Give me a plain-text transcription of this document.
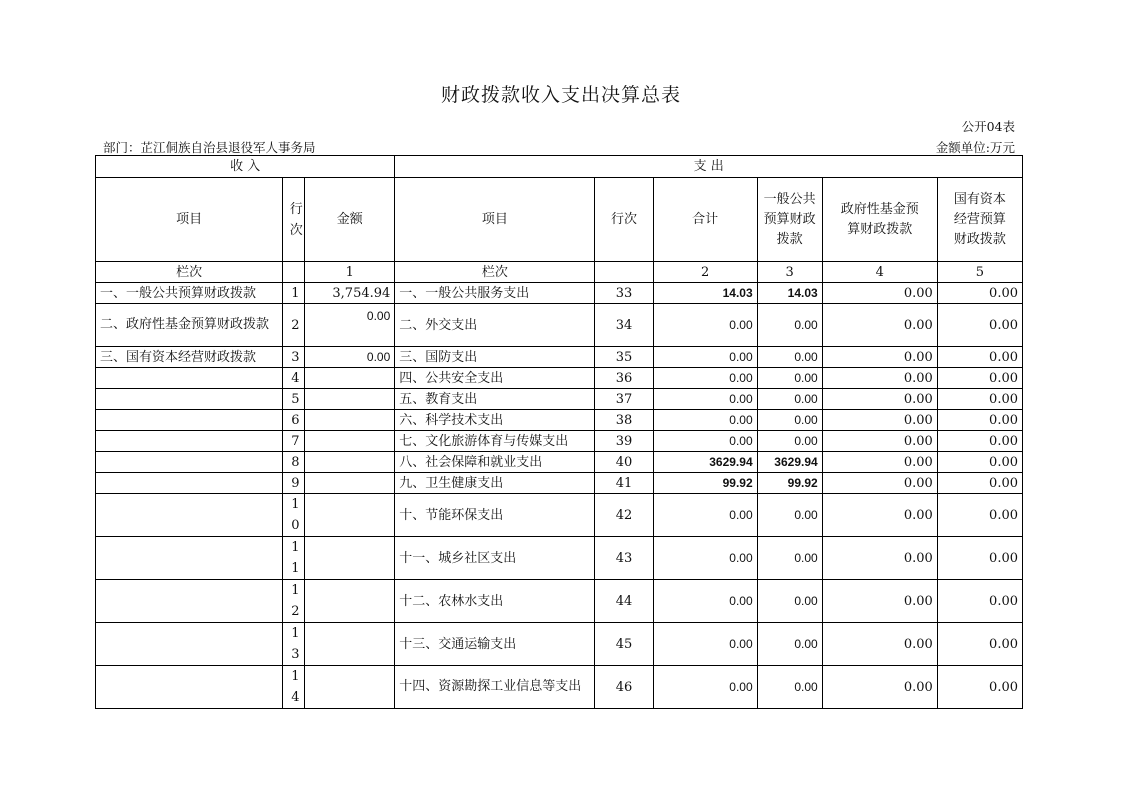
财政拨款收入支出决算总表
公开04表
部门：芷江侗族自治县退役军人事务局	金额单位:万元
收 入			支 出					
项目	行次	金额	项目	行次	合计	一般公共预算财政拨款	政府性基金预算财政拨款	国有资本经营预算财政拨款
栏次		1	栏次		2	3	4	5
一、一般公共预算财政拨款	1	3,754.94	一、一般公共服务支出	33	14.03	14.03	0.00	0.00
二、政府性基金预算财政拨款	2	0.00	二、外交支出	34	0.00	0.00	0.00	0.00
三、国有资本经营财政拨款	3	0.00	三、国防支出	35	0.00	0.00	0.00	0.00
	4		四、公共安全支出	36	0.00	0.00	0.00	0.00
	5		五、教育支出	37	0.00	0.00	0.00	0.00
	6		六、科学技术支出	38	0.00	0.00	0.00	0.00
	7		七、文化旅游体育与传媒支出	39	0.00	0.00	0.00	0.00
	8		八、社会保障和就业支出	40	3629.94	3629.94	0.00	0.00
	9		九、卫生健康支出	41	99.92	99.92	0.00	0.00
	10		十、节能环保支出	42	0.00	0.00	0.00	0.00
	11		十一、城乡社区支出	43	0.00	0.00	0.00	0.00
	12		十二、农林水支出	44	0.00	0.00	0.00	0.00
	13		十三、交通运输支出	45	0.00	0.00	0.00	0.00
	14		十四、资源勘探工业信息等支出	46	0.00	0.00	0.00	0.00
